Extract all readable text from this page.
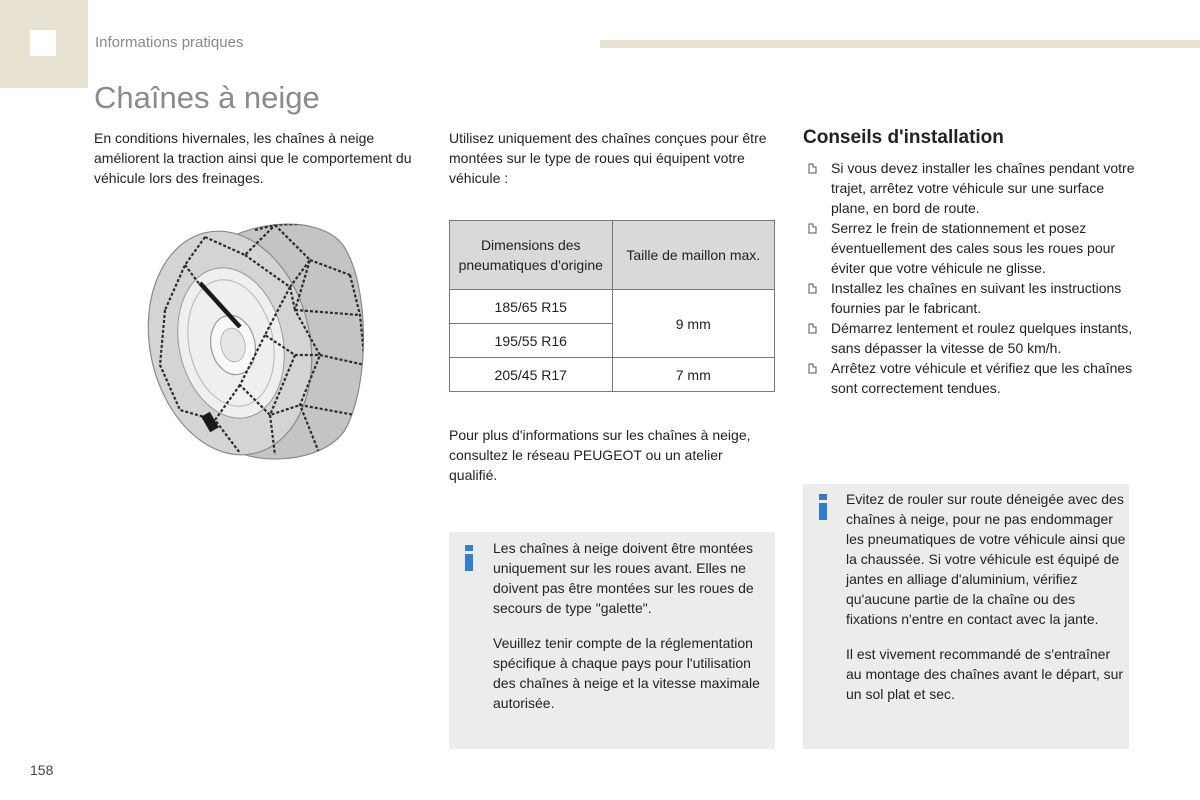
Informations pratiques
Chaînes à neige

En conditions hivernales, les chaînes à neige améliorent la traction ainsi que le comportement du véhicule lors des freinages.

Utilisez uniquement des chaînes conçues pour être montées sur le type de roues qui équipent votre véhicule :

Dimensions des pneumatiques d'origine	Taille de maillon max.
185/65 R15	9 mm
195/55 R16	
205/45 R17	7 mm

Pour plus d'informations sur les chaînes à neige, consultez le réseau PEUGEOT ou un atelier qualifié.

Les chaînes à neige doivent être montées uniquement sur les roues avant. Elles ne doivent pas être montées sur les roues de secours de type "galette".

Veuillez tenir compte de la réglementation spécifique à chaque pays pour l'utilisation des chaînes à neige et la vitesse maximale autorisée.

Conseils d'installation
Si vous devez installer les chaînes pendant votre trajet, arrêtez votre véhicule sur une surface plane, en bord de route.
Serrez le frein de stationnement et posez éventuellement des cales sous les roues pour éviter que votre véhicule ne glisse.
Installez les chaînes en suivant les instructions fournies par le fabricant.
Démarrez lentement et roulez quelques instants, sans dépasser la vitesse de 50 km/h.
Arrêtez votre véhicule et vérifiez que les chaînes sont correctement tendues.

Evitez de rouler sur route déneigée avec des chaînes à neige, pour ne pas endommager les pneumatiques de votre véhicule ainsi que la chaussée. Si votre véhicule est équipé de jantes en alliage d'aluminium, vérifiez qu'aucune partie de la chaîne ou des fixations n'entre en contact avec la jante.

Il est vivement recommandé de s'entraîner au montage des chaînes avant le départ, sur un sol plat et sec.

158
